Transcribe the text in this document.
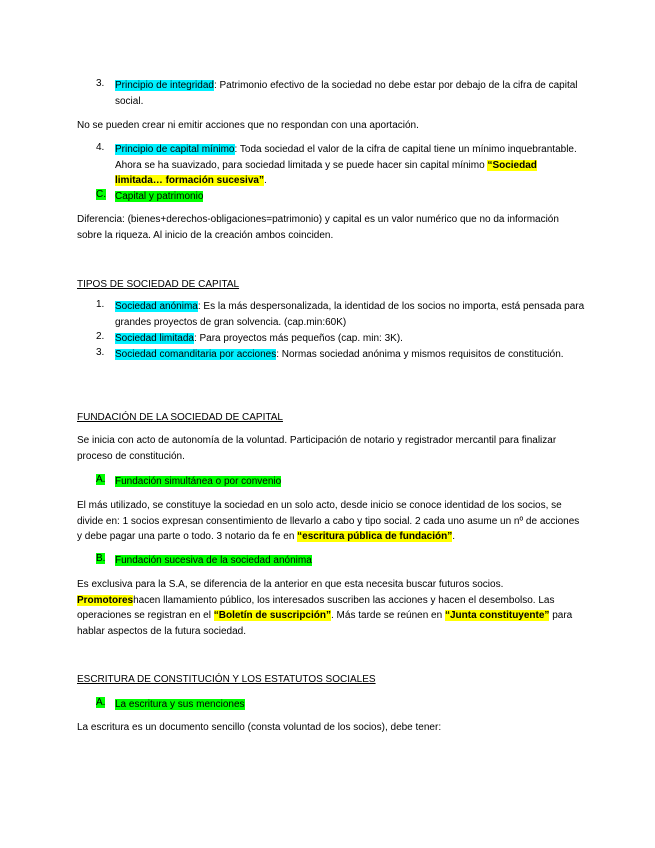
3. Principio de integridad: Patrimonio efectivo de la sociedad no debe estar por debajo de la cifra de capital social.
No se pueden crear ni emitir acciones que no respondan con una aportación.
4. Principio de capital mínimo: Toda sociedad el valor de la cifra de capital tiene un mínimo inquebrantable. Ahora se ha suavizado, para sociedad limitada y se puede hacer sin capital mínimo “Sociedad limitada… formación sucesiva”.
C. Capital y patrimonio
Diferencia: (bienes+derechos-obligaciones=patrimonio) y capital es un valor numérico que no da información sobre la riqueza. Al inicio de la creación ambos coinciden.
TIPOS DE SOCIEDAD DE CAPITAL
1. Sociedad anónima: Es la más despersonalizada, la identidad de los socios no importa, está pensada para grandes proyectos de gran solvencia. (cap.min:60K)
2. Sociedad limitada: Para proyectos más pequeños (cap. min: 3K).
3. Sociedad comanditaria por acciones: Normas sociedad anónima y mismos requisitos de constitución.
FUNDACIÓN DE LA SOCIEDAD DE CAPITAL
Se inicia con acto de autonomía de la voluntad. Participación de notario y registrador mercantil para finalizar proceso de constitución.
A. Fundación simultánea o por convenio
El más utilizado, se constituye la sociedad en un solo acto, desde inicio se conoce identidad de los socios, se divide en: 1 socios expresan consentimiento de llevarlo a cabo y tipo social. 2 cada uno asume un nº de acciones y debe pagar una parte o todo. 3 notario da fe en “escritura pública de fundación”.
B. Fundación sucesiva de la sociedad anónima
Es exclusiva para la S.A, se diferencia de la anterior en que esta necesita buscar futuros socios. Promotoreshacen llamamiento público, los interesados suscriben las acciones y hacen el desembolso. Las operaciones se registran en el “Boletín de suscripción”. Más tarde se reúnen en “Junta constituyente” para hablar aspectos de la futura sociedad.
ESCRITURA DE CONSTITUCIÓN Y LOS ESTATUTOS SOCIALES
A. La escritura y sus menciones
La escritura es un documento sencillo (consta voluntad de los socios), debe tener:
